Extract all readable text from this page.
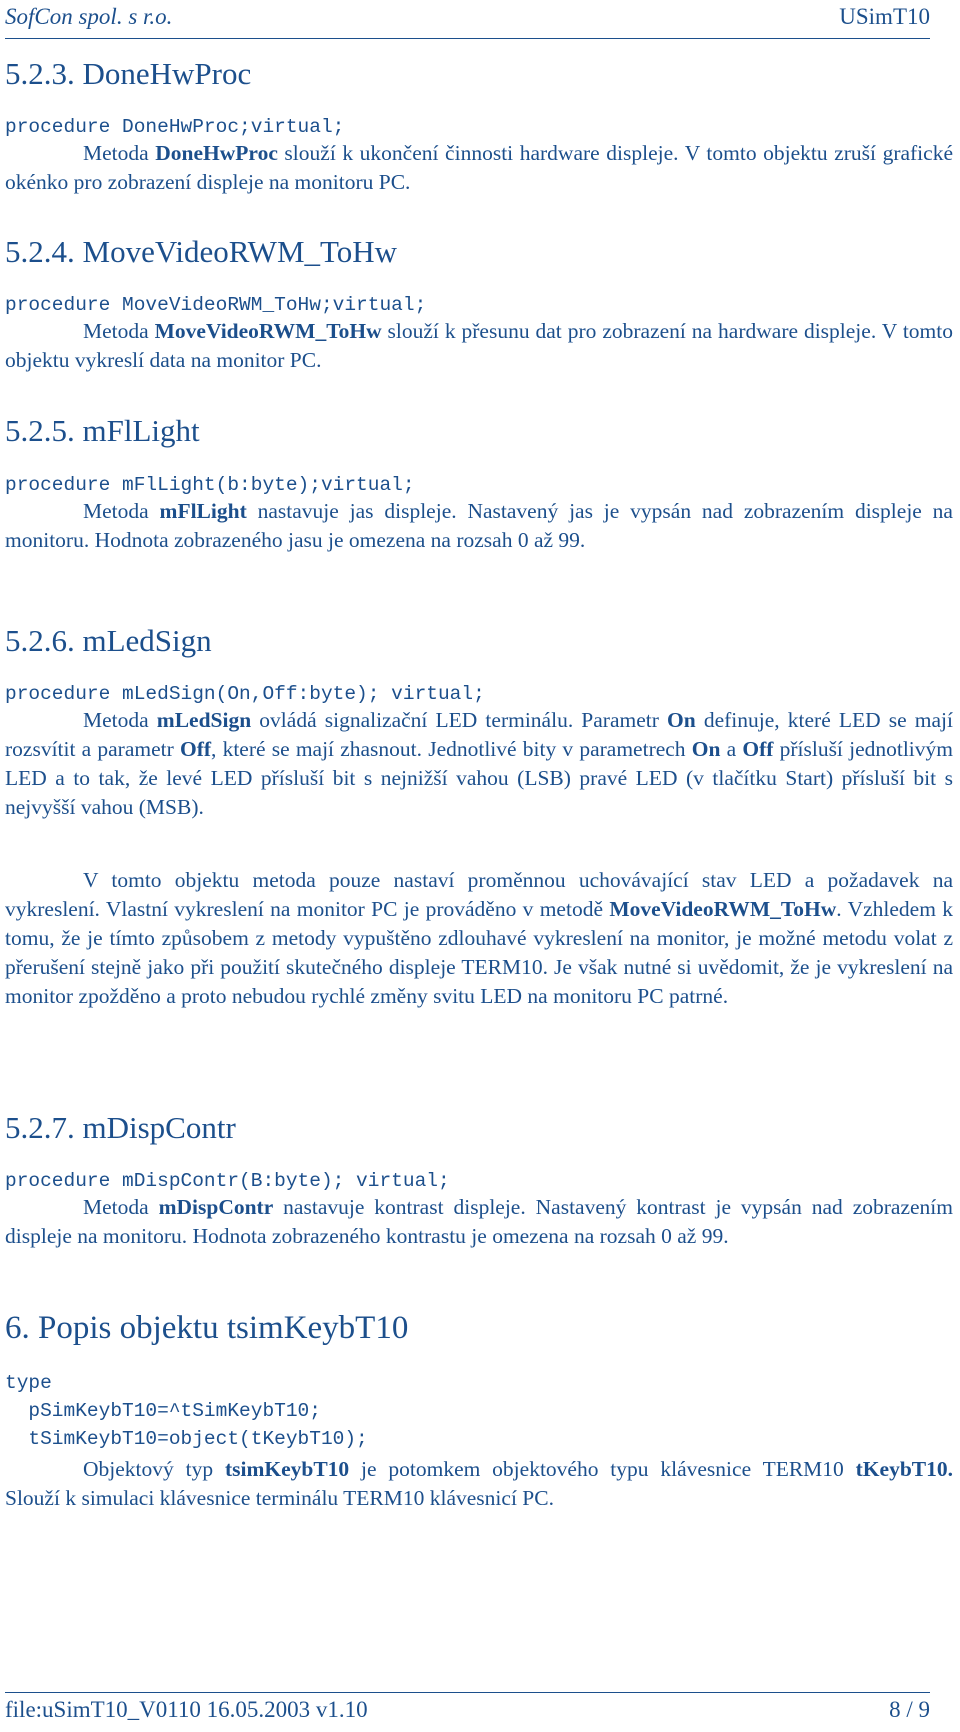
SofCon spol. s r.o.	USimT10
5.2.3. DoneHwProc
procedure DoneHwProc;virtual;
Metoda DoneHwProc slouží k ukončení činnosti hardware displeje. V tomto objektu zruší grafické okénko pro zobrazení displeje na monitoru PC.
5.2.4. MoveVideoRWM_ToHw
procedure MoveVideoRWM_ToHw;virtual;
Metoda MoveVideoRWM_ToHw slouží k přesunu dat pro zobrazení na hardware displeje. V tomto objektu vykreslí data na monitor PC.
5.2.5. mFlLight
procedure mFlLight(b:byte);virtual;
Metoda mFlLight nastavuje jas displeje. Nastavený jas je vypsán nad zobrazením displeje na monitoru. Hodnota zobrazeného jasu je omezena na rozsah 0 až 99.
5.2.6. mLedSign
procedure mLedSign(On,Off:byte); virtual;
Metoda mLedSign ovládá signalizační LED terminálu. Parametr On definuje, které LED se mají rozsvítit a parametr Off, které se mají zhasnout. Jednotlivé bity v parametrech On a Off přísluší jednotlivým LED a to tak, že levé LED přísluší bit s nejnižší vahou (LSB) pravé LED (v tlačítku Start) přísluší bit s nejvyšší vahou (MSB).
V tomto objektu metoda pouze nastaví proměnnou uchovávající stav LED a požadavek na vykreslení. Vlastní vykreslení na monitor PC je prováděno v metodě MoveVideoRWM_ToHw. Vzhledem k tomu, že je tímto způsobem z metody vypuštěno zdlouhavé vykreslení na monitor, je možné metodu volat z přerušení stejně jako při použití skutečného displeje TERM10. Je však nutné si uvědomit, že je vykreslení na monitor zpožděno a proto nebudou rychlé změny svitu LED na monitoru PC patrné.
5.2.7. mDispContr
procedure mDispContr(B:byte); virtual;
Metoda mDispContr nastavuje kontrast displeje. Nastavený kontrast je vypsán nad zobrazením displeje na monitoru. Hodnota zobrazeného kontrastu je omezena na rozsah 0 až 99.
6. Popis objektu tsimKeybT10
type
pSimKeybT10=^tSimKeybT10;
tSimKeybT10=object(tKeybT10);
Objektový typ tsimKeybT10 je potomkem objektového typu klávesnice TERM10 tKeybT10. Slouží k simulaci klávesnice terminálu TERM10 klávesnicí PC.
file:uSimT10_V0110 16.05.2003 v1.10	8 / 9
